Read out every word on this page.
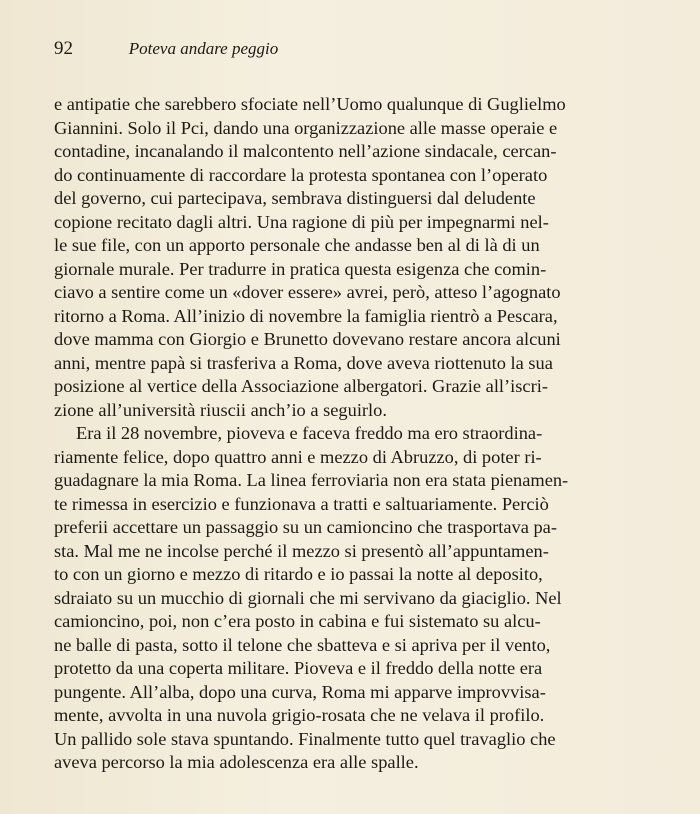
92	Poteva andare peggio
e antipatie che sarebbero sfociate nell’Uomo qualunque di Guglielmo
Giannini. Solo il Pci, dando una organizzazione alle masse operaie e
contadine, incanalando il malcontento nell’azione sindacale, cercan-
do continuamente di raccordare la protesta spontanea con l’operato
del governo, cui partecipava, sembrava distinguersi dal deludente
copione recitato dagli altri. Una ragione di più per impegnarmi nel-
le sue file, con un apporto personale che andasse ben al di là di un
giornale murale. Per tradurre in pratica questa esigenza che comin-
ciavo a sentire come un «dover essere» avrei, però, atteso l’agognato
ritorno a Roma. All’inizio di novembre la famiglia rientrò a Pescara,
dove mamma con Giorgio e Brunetto dovevano restare ancora alcuni
anni, mentre papà si trasferiva a Roma, dove aveva riottenuto la sua
posizione al vertice della Associazione albergatori. Grazie all’iscri-
zione all’università riuscii anch’io a seguirlo.
Era il 28 novembre, pioveva e faceva freddo ma ero straordina-
riamente felice, dopo quattro anni e mezzo di Abruzzo, di poter ri-
guadagnare la mia Roma. La linea ferroviaria non era stata pienamen-
te rimessa in esercizio e funzionava a tratti e saltuariamente. Perciò
preferii accettare un passaggio su un camioncino che trasportava pa-
sta. Mal me ne incolse perché il mezzo si presentò all’appuntamen-
to con un giorno e mezzo di ritardo e io passai la notte al deposito,
sdraiato su un mucchio di giornali che mi servivano da giaciglio. Nel
camioncino, poi, non c’era posto in cabina e fui sistemato su alcu-
ne balle di pasta, sotto il telone che sbatteva e si apriva per il vento,
protetto da una coperta militare. Pioveva e il freddo della notte era
pungente. All’alba, dopo una curva, Roma mi apparve improvvisa-
mente, avvolta in una nuvola grigio-rosata che ne velava il profilo.
Un pallido sole stava spuntando. Finalmente tutto quel travaglio che
aveva percorso la mia adolescenza era alle spalle.
